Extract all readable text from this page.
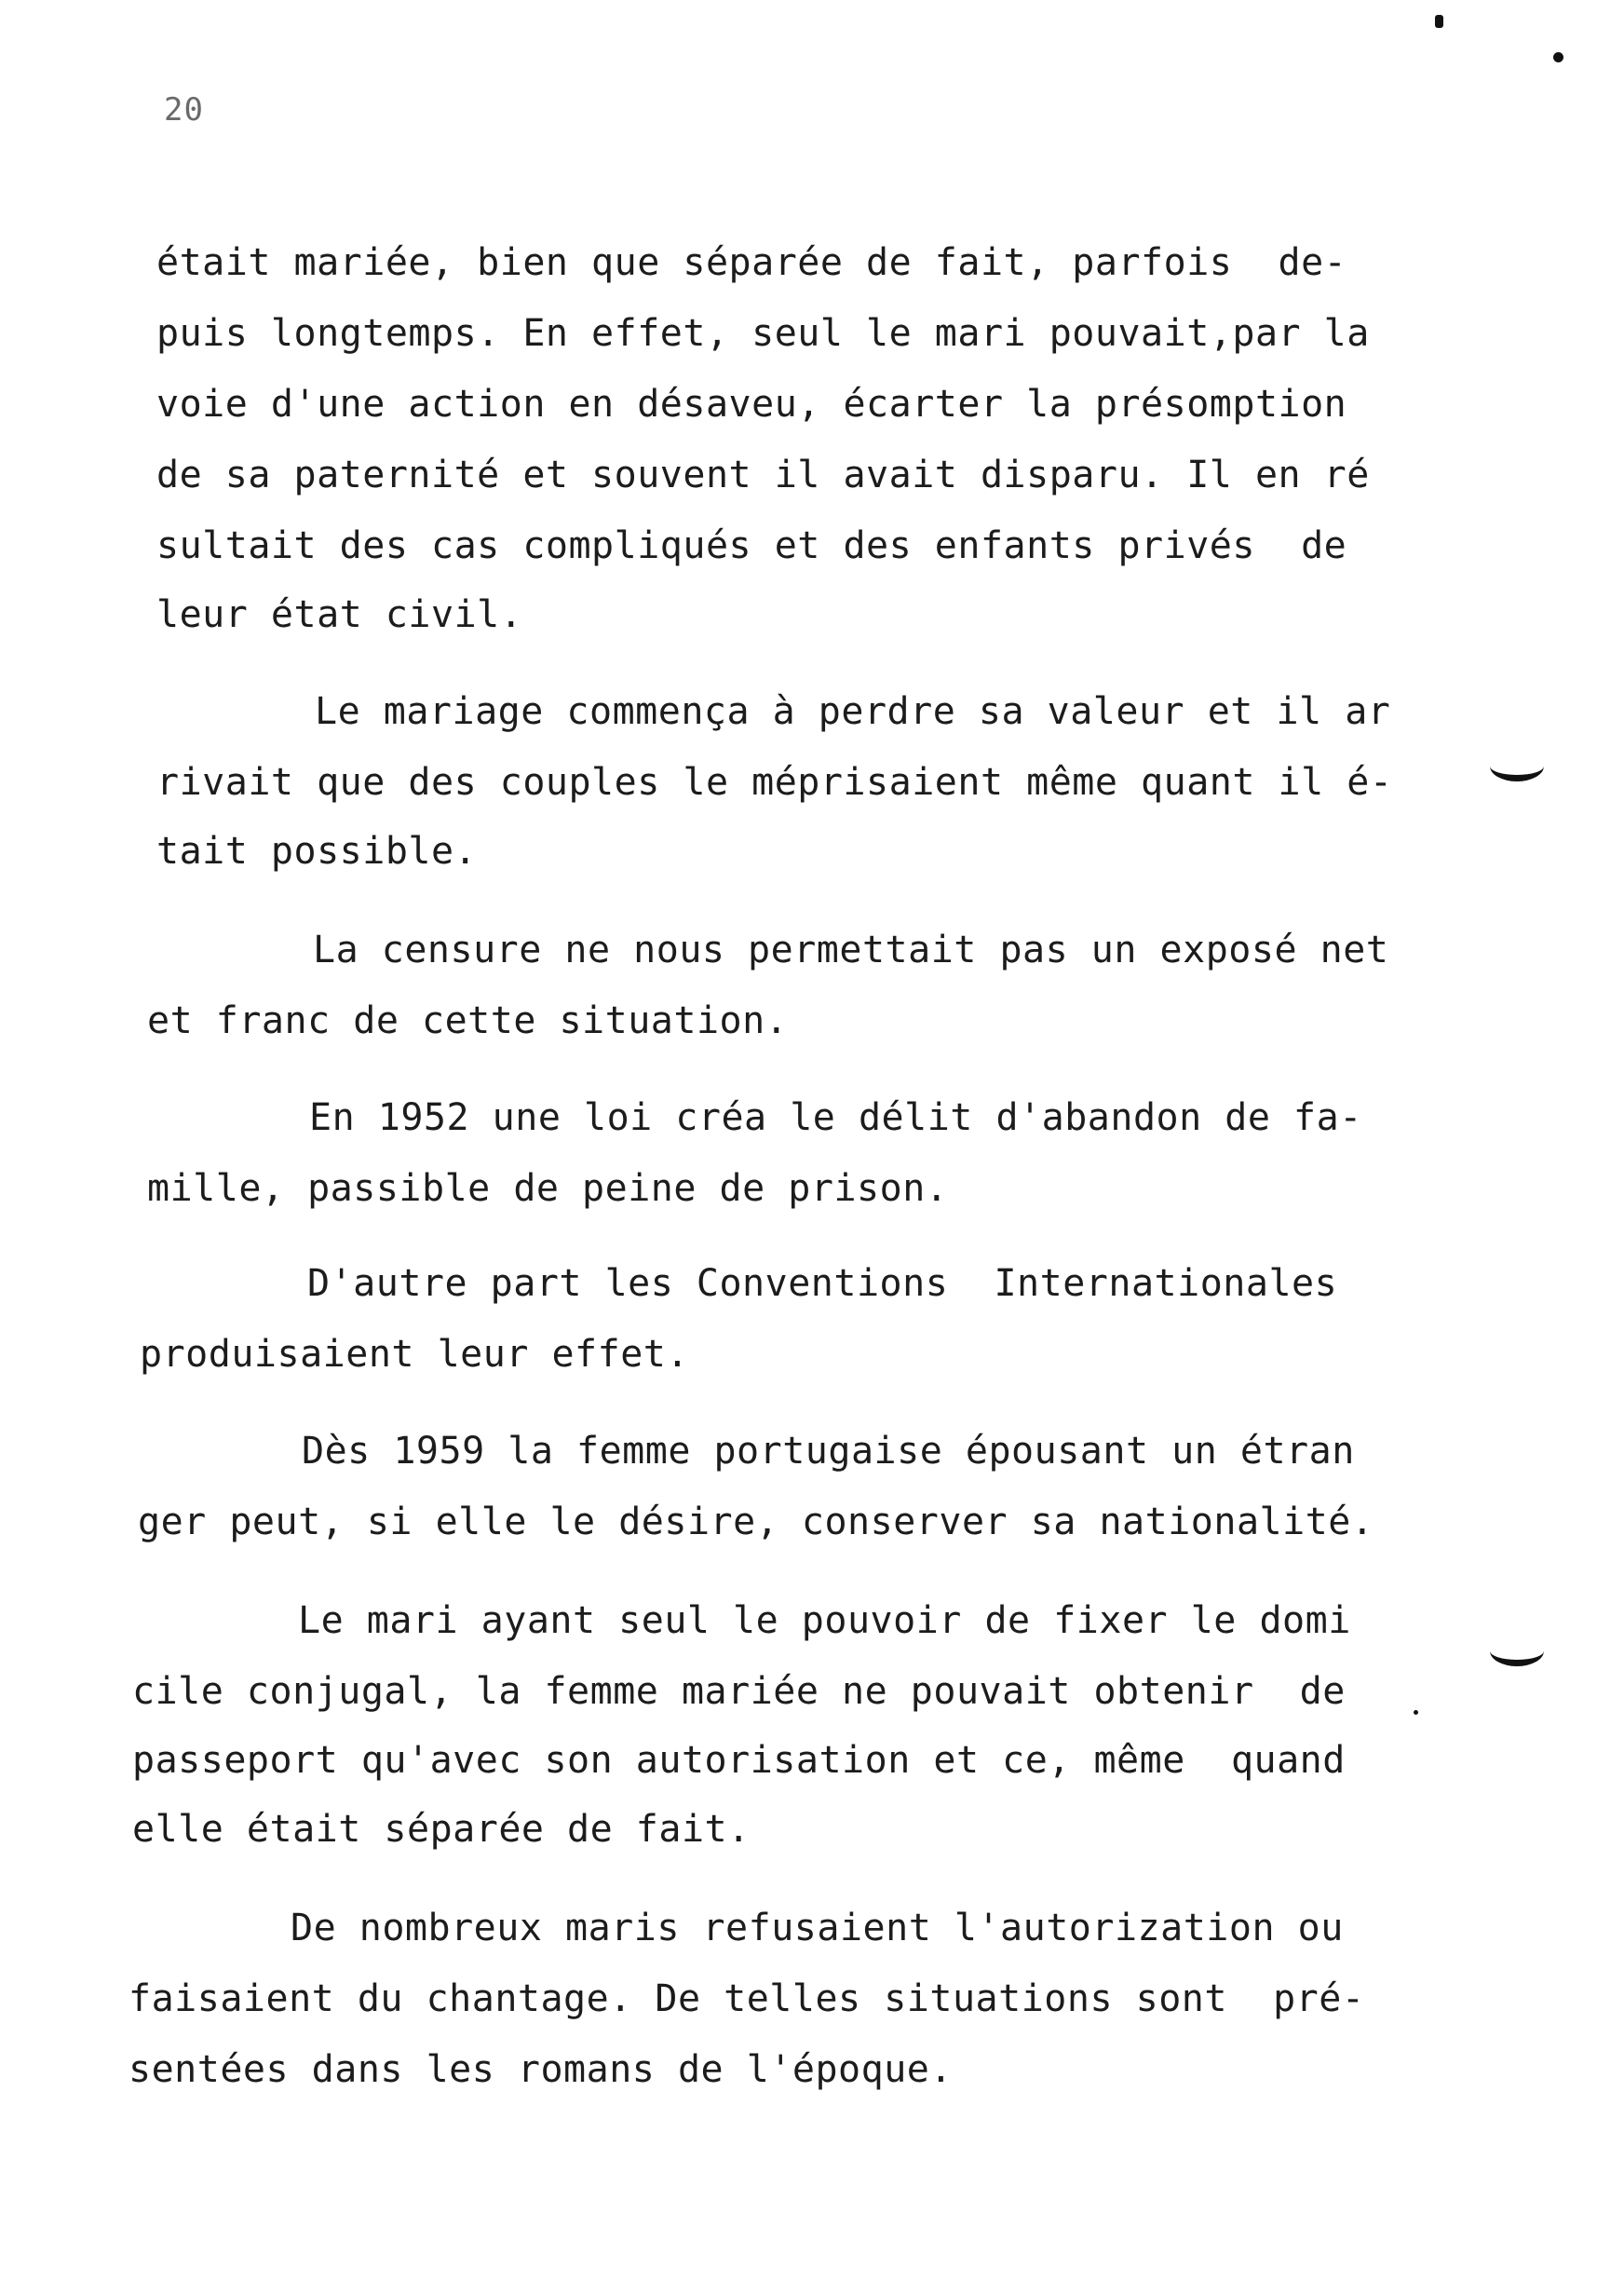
20
était mariée, bien que séparée de fait, parfois  de-
puis longtemps. En effet, seul le mari pouvait,par la
voie d'une action en désaveu, écarter la présomption
de sa paternité et souvent il avait disparu. Il en ré
sultait des cas compliqués et des enfants privés  de
leur état civil.
Le mariage commença à perdre sa valeur et il ar
rivait que des couples le méprisaient même quant il é-
tait possible.
La censure ne nous permettait pas un exposé net
et franc de cette situation.
En 1952 une loi créa le délit d'abandon de fa-
mille, passible de peine de prison.
D'autre part les Conventions  Internationales
produisaient leur effet.
Dès 1959 la femme portugaise épousant un étran
ger peut, si elle le désire, conserver sa nationalité.
Le mari ayant seul le pouvoir de fixer le domi
cile conjugal, la femme mariée ne pouvait obtenir  de
passeport qu'avec son autorisation et ce, même  quand
elle était séparée de fait.
De nombreux maris refusaient l'autorization ou
faisaient du chantage. De telles situations sont  pré-
sentées dans les romans de l'époque.
